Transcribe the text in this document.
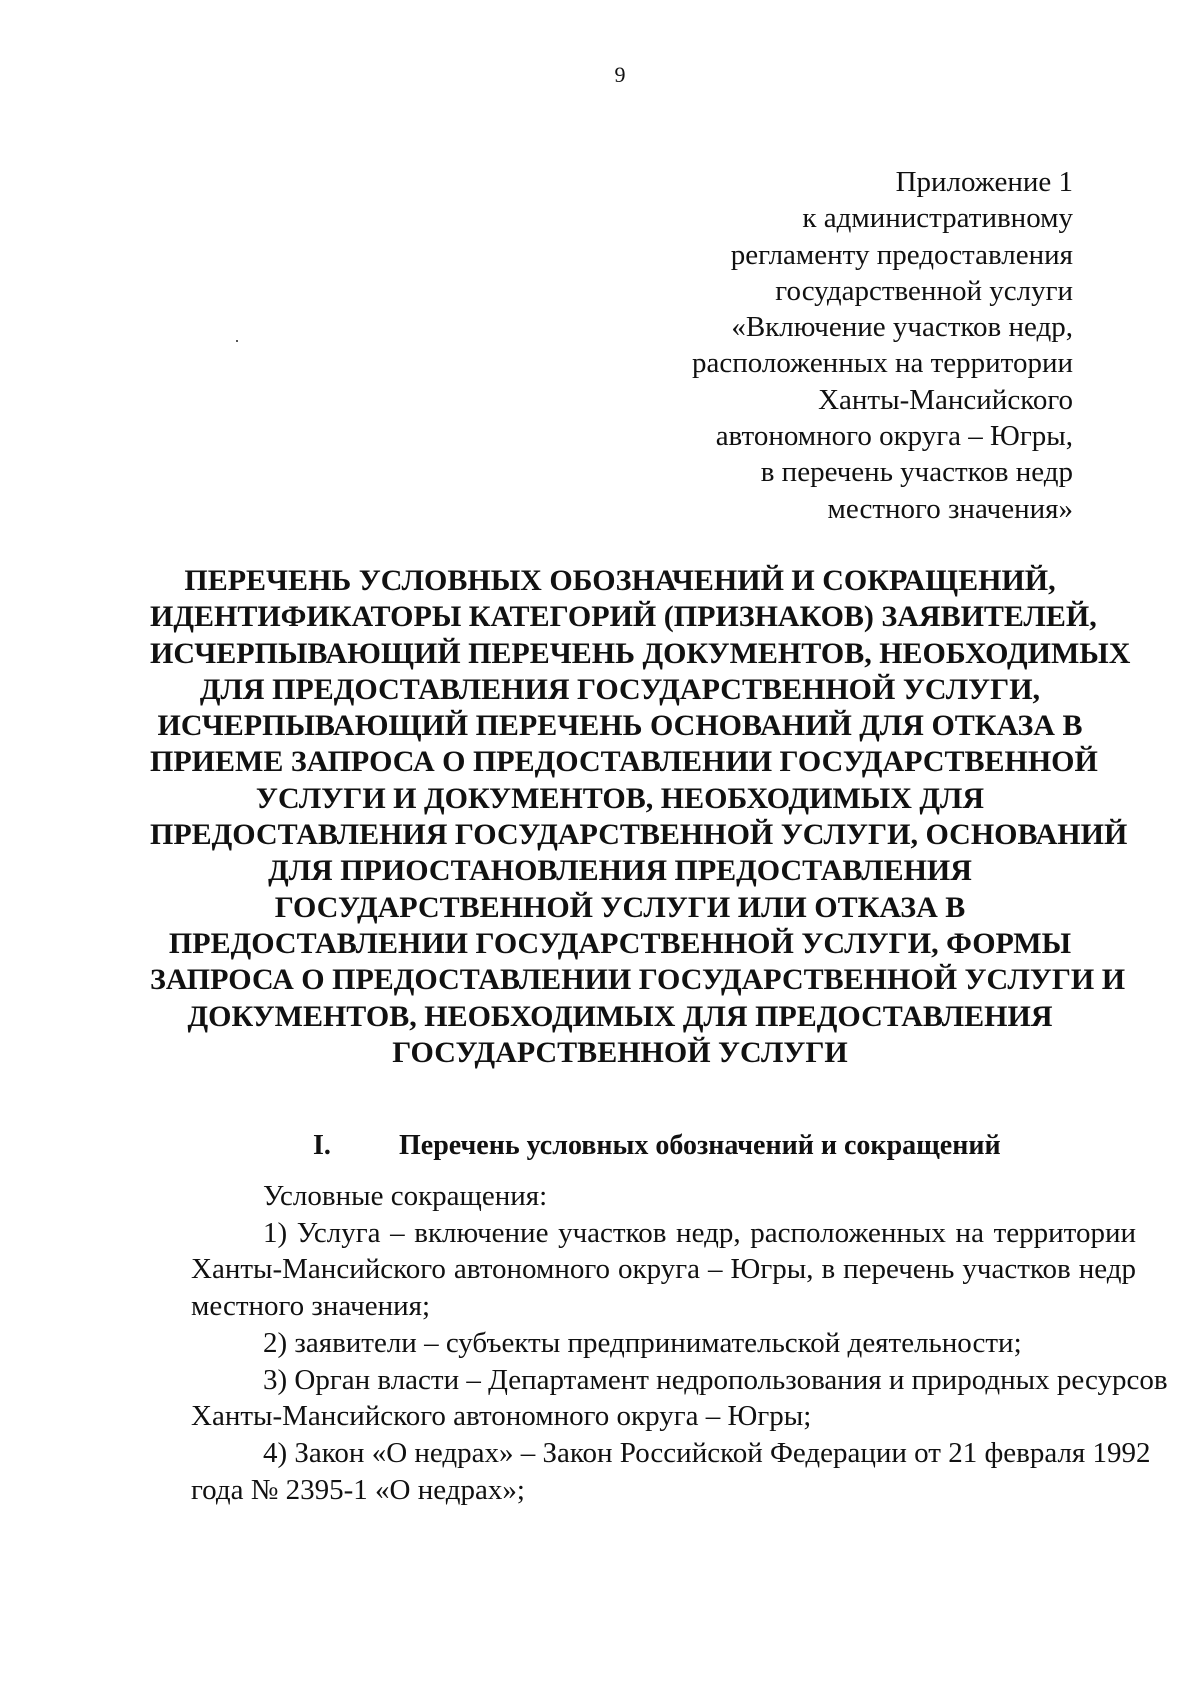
9
Приложение 1
к административному
регламенту предоставления
государственной услуги
«Включение участков недр,
расположенных на территории
Ханты-Мансийского
автономного округа – Югры,
в перечень участков недр
местного значения»
ПЕРЕЧЕНЬ УСЛОВНЫХ ОБОЗНАЧЕНИЙ И СОКРАЩЕНИЙ,
ИДЕНТИФИКАТОРЫ КАТЕГОРИЙ (ПРИЗНАКОВ) ЗАЯВИТЕЛЕЙ,
ИСЧЕРПЫВАЮЩИЙ ПЕРЕЧЕНЬ ДОКУМЕНТОВ, НЕОБХОДИМЫХ
ДЛЯ ПРЕДОСТАВЛЕНИЯ ГОСУДАРСТВЕННОЙ УСЛУГИ,
ИСЧЕРПЫВАЮЩИЙ ПЕРЕЧЕНЬ ОСНОВАНИЙ ДЛЯ ОТКАЗА В
ПРИЕМЕ ЗАПРОСА О ПРЕДОСТАВЛЕНИИ ГОСУДАРСТВЕННОЙ
УСЛУГИ И ДОКУМЕНТОВ, НЕОБХОДИМЫХ ДЛЯ
ПРЕДОСТАВЛЕНИЯ ГОСУДАРСТВЕННОЙ УСЛУГИ, ОСНОВАНИЙ
ДЛЯ ПРИОСТАНОВЛЕНИЯ ПРЕДОСТАВЛЕНИЯ
ГОСУДАРСТВЕННОЙ УСЛУГИ ИЛИ ОТКАЗА В
ПРЕДОСТАВЛЕНИИ ГОСУДАРСТВЕННОЙ УСЛУГИ, ФОРМЫ
ЗАПРОСА О ПРЕДОСТАВЛЕНИИ ГОСУДАРСТВЕННОЙ УСЛУГИ И
ДОКУМЕНТОВ, НЕОБХОДИМЫХ ДЛЯ ПРЕДОСТАВЛЕНИЯ
ГОСУДАРСТВЕННОЙ УСЛУГИ
I. Перечень условных обозначений и сокращений
Условные сокращения:
1) Услуга – включение участков недр, расположенных на территории
Ханты-Мансийского автономного округа – Югры, в перечень участков недр
местного значения;
2) заявители – субъекты предпринимательской деятельности;
3) Орган власти – Департамент недропользования и природных ресурсов
Ханты-Мансийского автономного округа – Югры;
4) Закон «О недрах» – Закон Российской Федерации от 21 февраля 1992
года № 2395-1 «О недрах»;
